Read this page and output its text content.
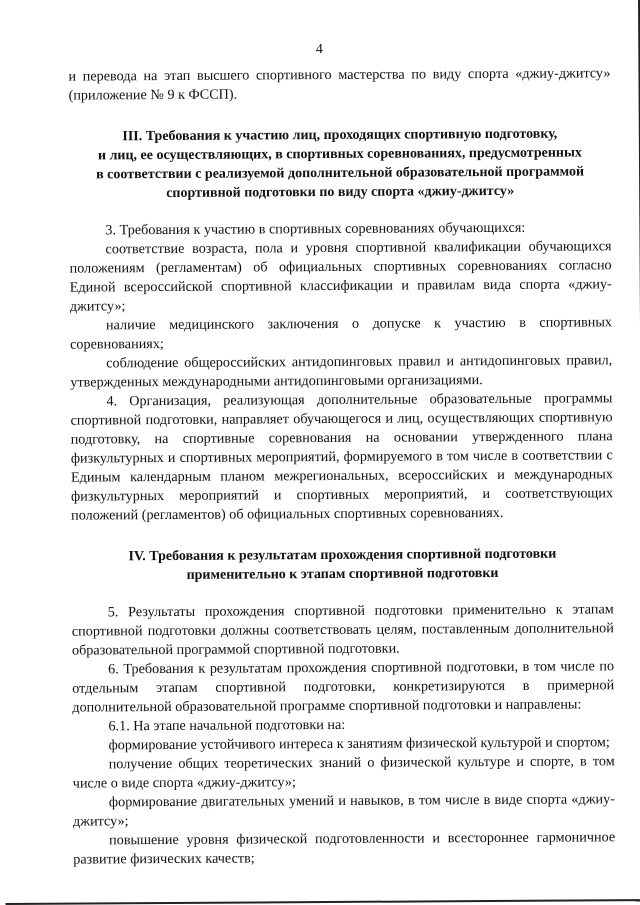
4

и перевода на этап высшего спортивного мастерства по виду спорта «джиу-джитсу» (приложение № 9 к ФССП).

III. Требования к участию лиц, проходящих спортивную подготовку,
и лиц, ее осуществляющих, в спортивных соревнованиях, предусмотренных
в соответствии с реализуемой дополнительной образовательной программой
спортивной подготовки по виду спорта «джиу-джитсу»

3. Требования к участию в спортивных соревнованиях обучающихся:

соответствие возраста, пола и уровня спортивной квалификации обучающихся положениям (регламентам) об официальных спортивных соревнованиях согласно Единой всероссийской спортивной классификации и правилам вида спорта «джиу-джитсу»;

наличие медицинского заключения о допуске к участию в спортивных соревнованиях;

соблюдение общероссийских антидопинговых правил и антидопинговых правил, утвержденных международными антидопинговыми организациями.

4. Организация, реализующая дополнительные образовательные программы спортивной подготовки, направляет обучающегося и лиц, осуществляющих спортивную подготовку, на спортивные соревнования на основании утвержденного плана физкультурных и спортивных мероприятий, формируемого в том числе в соответствии с Единым календарным планом межрегиональных, всероссийских и международных физкультурных мероприятий и спортивных мероприятий, и соответствующих положений (регламентов) об официальных спортивных соревнованиях.

IV. Требования к результатам прохождения спортивной подготовки
применительно к этапам спортивной подготовки

5. Результаты прохождения спортивной подготовки применительно к этапам спортивной подготовки должны соответствовать целям, поставленным дополнительной образовательной программой спортивной подготовки.

6. Требования к результатам прохождения спортивной подготовки, в том числе по отдельным этапам спортивной подготовки, конкретизируются в примерной дополнительной образовательной программе спортивной подготовки и направлены:

6.1. На этапе начальной подготовки на:

формирование устойчивого интереса к занятиям физической культурой и спортом;

получение общих теоретических знаний о физической культуре и спорте, в том числе о виде спорта «джиу-джитсу»;

формирование двигательных умений и навыков, в том числе в виде спорта «джиу-джитсу»;

повышение уровня физической подготовленности и всестороннее гармоничное развитие физических качеств;
